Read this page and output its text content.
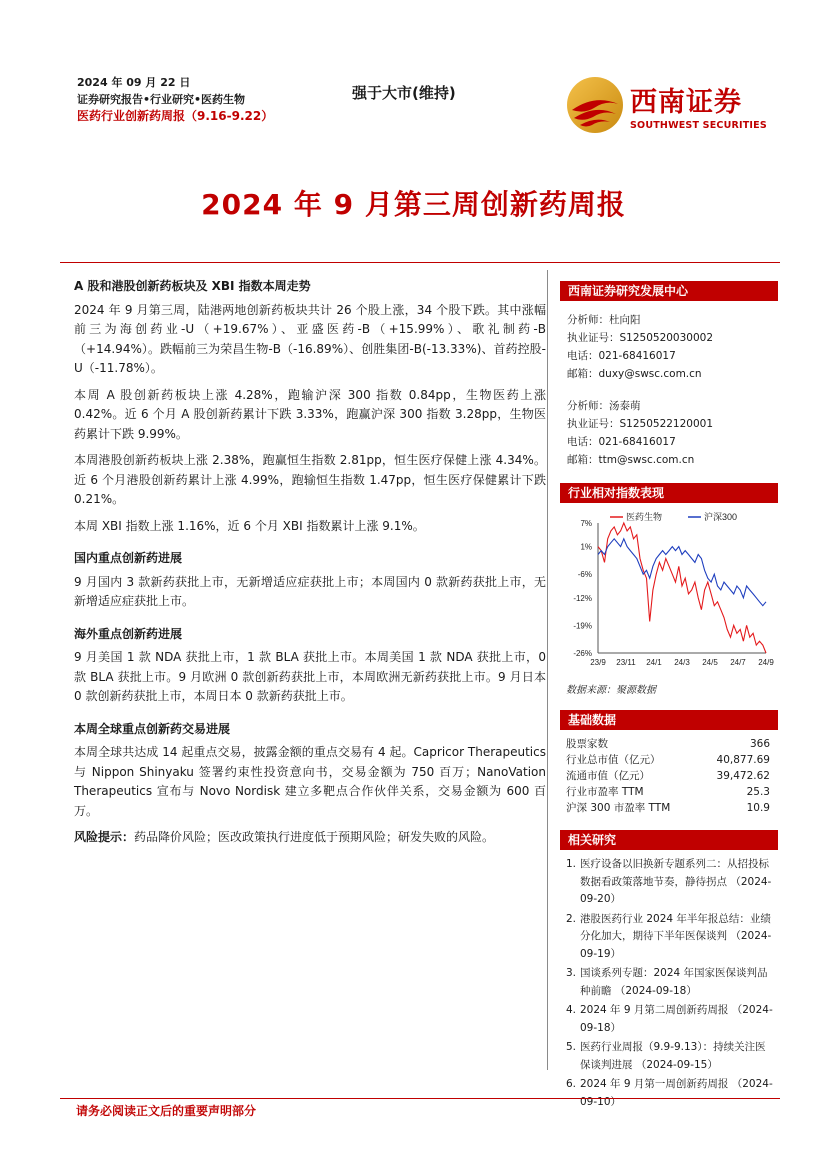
2024 年 09 月 22 日
证券研究报告•行业研究•医药生物
医药行业创新药周报（9.16-9.22）
强于大市(维持)	西南证券
SOUTHWEST SECURITIES
2024 年 9 月第三周创新药周报
A 股和港股创新药板块及 XBI 指数本周走势

2024 年 9 月第三周，陆港两地创新药板块共计 26 个股上涨，34 个股下跌。其中涨幅前三为海创药业-U（+19.67%）、亚盛医药-B（+15.99%）、歌礼制药-B（+14.94%）。跌幅前三为荣昌生物-B（-16.89%）、创胜集团-B(-13.33%)、首药控股-U（-11.78%）。

本周 A 股创新药板块上涨 4.28%，跑输沪深 300 指数 0.84pp，生物医药上涨 0.42%。近 6 个月 A 股创新药累计下跌 3.33%，跑赢沪深 300 指数 3.28pp，生物医药累计下跌 9.99%。

本周港股创新药板块上涨 2.38%，跑赢恒生指数 2.81pp，恒生医疗保健上涨 4.34%。近 6 个月港股创新药累计上涨 4.99%，跑输恒生指数 1.47pp，恒生医疗保健累计下跌 0.21%。

本周 XBI 指数上涨 1.16%，近 6 个月 XBI 指数累计上涨 9.1%。

国内重点创新药进展

9 月国内 3 款新药获批上市，无新增适应症获批上市；本周国内 0 款新药获批上市，无新增适应症获批上市。

海外重点创新药进展

9 月美国 1 款 NDA 获批上市，1 款 BLA 获批上市。本周美国 1 款 NDA 获批上市，0 款 BLA 获批上市。9 月欧洲 0 款创新药获批上市，本周欧洲无新药获批上市。9 月日本 0 款创新药获批上市，本周日本 0 款新药获批上市。

本周全球重点创新药交易进展

本周全球共达成 14 起重点交易，披露金额的重点交易有 4 起。Capricor Therapeutics 与 Nippon Shinyaku 签署约束性投资意向书，交易金额为 750 百万；NanoVation Therapeutics 宣布与 Novo Nordisk 建立多靶点合作伙伴关系，交易金额为 600 百万。

风险提示：药品降价风险；医改政策执行进度低于预期风险；研发失败的风险。

西南证券研究发展中心
分析师：杜向阳
执业证号：S1250520030002
电话：021-68416017
邮箱：duxy@swsc.com.cn
分析师：汤泰萌
执业证号：S1250522120001
电话：021-68416017
邮箱：ttm@swsc.com.cn
行业相对指数表现
7%
1%
-6%
-12%
-19%
-26%
23/9 23/11 24/1 24/3 24/5 24/7 24/9
医药生物	沪深300
数据来源：聚源数据
基础数据
股票家数	366
行业总市值（亿元）	40,877.69
流通市值（亿元）	39,472.62
行业市盈率 TTM	25.3
沪深 300 市盈率 TTM	10.9
相关研究
1. 医疗设备以旧换新专题系列二：从招投标数据看政策落地节奏，静待拐点 （2024-09-20）
2. 港股医药行业 2024 年半年报总结：业绩分化加大，期待下半年医保谈判 （2024-09-19）
3. 国谈系列专题：2024 年国家医保谈判品种前瞻 （2024-09-18）
4. 2024 年 9 月第二周创新药周报 （2024-09-18）
5. 医药行业周报（9.9-9.13）：持续关注医保谈判进展 （2024-09-15）
6. 2024 年 9 月第一周创新药周报 （2024-09-10）
请务必阅读正文后的重要声明部分
